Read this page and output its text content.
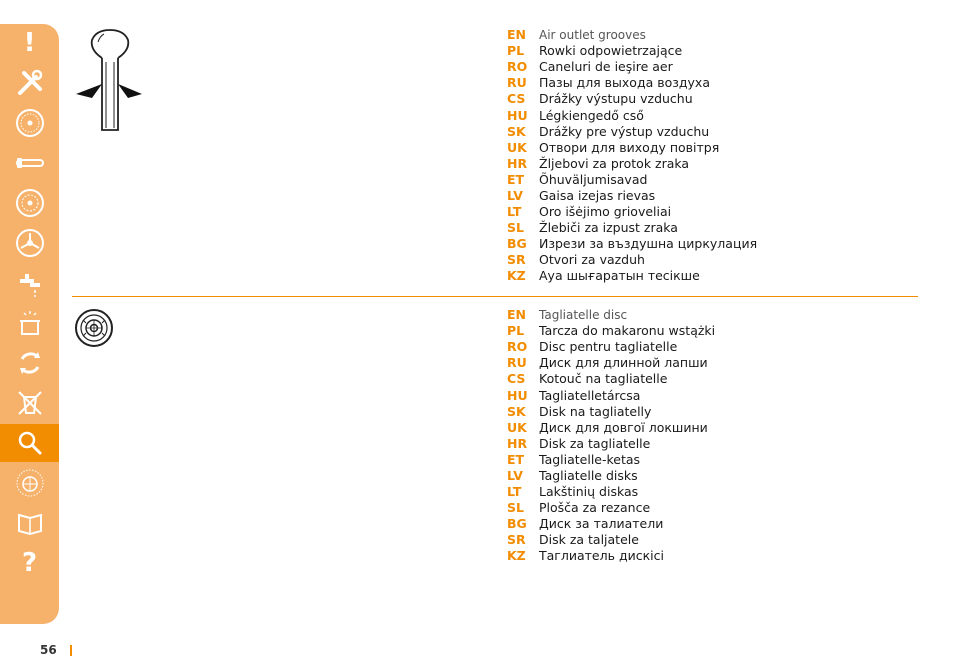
!
?
56
EN	Air outlet grooves
PL	Rowki odpowietrzające
RO Caneluri de ieşire aer
RU Пазы для выхода воздуха
CS	Drážky výstupu vzduchu
HU Légkiengedő cső
SK	Drážky pre výstup vzduchu
UK Отвори для виходу повітря
HR Žljebovi za protok zraka
ET	Õhuväljumisavad
LV	Gaisa izejas rievas
LT	Oro išėjimo grioveliai
SL	Žlebiči za izpust zraka
BG Изрези за въздушна циркулация
SR	Otvori za vazduh
KZ	Ауа шығаратын тесікше
EN	Tagliatelle disc
PL	Tarcza do makaronu wstążki
RO Disc pentru tagliatelle
RU Диск для длинной лапши
CS	Kotouč na tagliatelle
HU Tagliatelletárcsa
SK	Disk na tagliatelly
UK Диск для довгої локшини
HR Disk za tagliatelle
ET	Tagliatelle-ketas
LV	Tagliatelle disks
LT	Lakštinių diskas
SL	Plošča za rezance
BG Диск за талиатели
SR	Disk za taljatele
KZ	Таглиатель дискісі
